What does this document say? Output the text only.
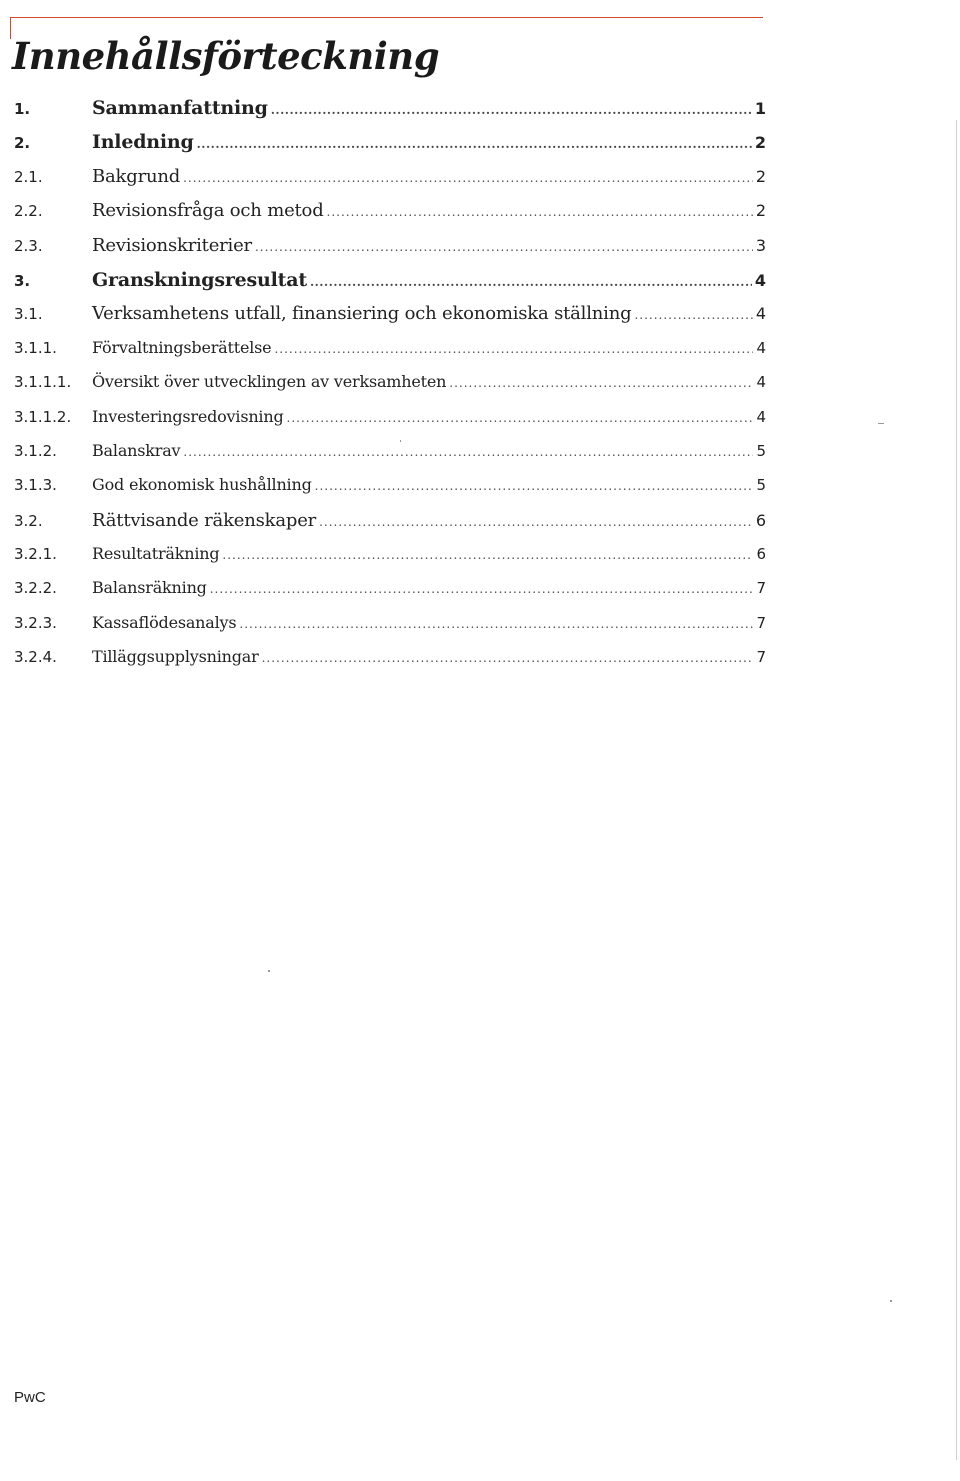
Innehållsförteckning
1.	Sammanfattning .....	1
2.	Inledning .....	2
2.1.	Bakgrund .....	2
2.2.	Revisionsfråga och metod .....	2
2.3.	Revisionskriterier .....	3
3.	Granskningsresultat .....	4
3.1.	Verksamhetens utfall, finansiering och ekonomiska ställning .....	4
3.1.1.	Förvaltningsberättelse .....	4
3.1.1.1.	Översikt över utvecklingen av verksamheten .....	4
3.1.1.2.	Investeringsredovisning .....	4
3.1.2.	Balanskrav .....	5
3.1.3.	God ekonomisk hushållning .....	5
3.2.	Rättvisande räkenskaper .....	6
3.2.1.	Resultaträkning .....	6
3.2.2.	Balansräkning .....	7
3.2.3.	Kassaflödesanalys .....	7
3.2.4.	Tilläggsupplysningar .....	7
PwC
